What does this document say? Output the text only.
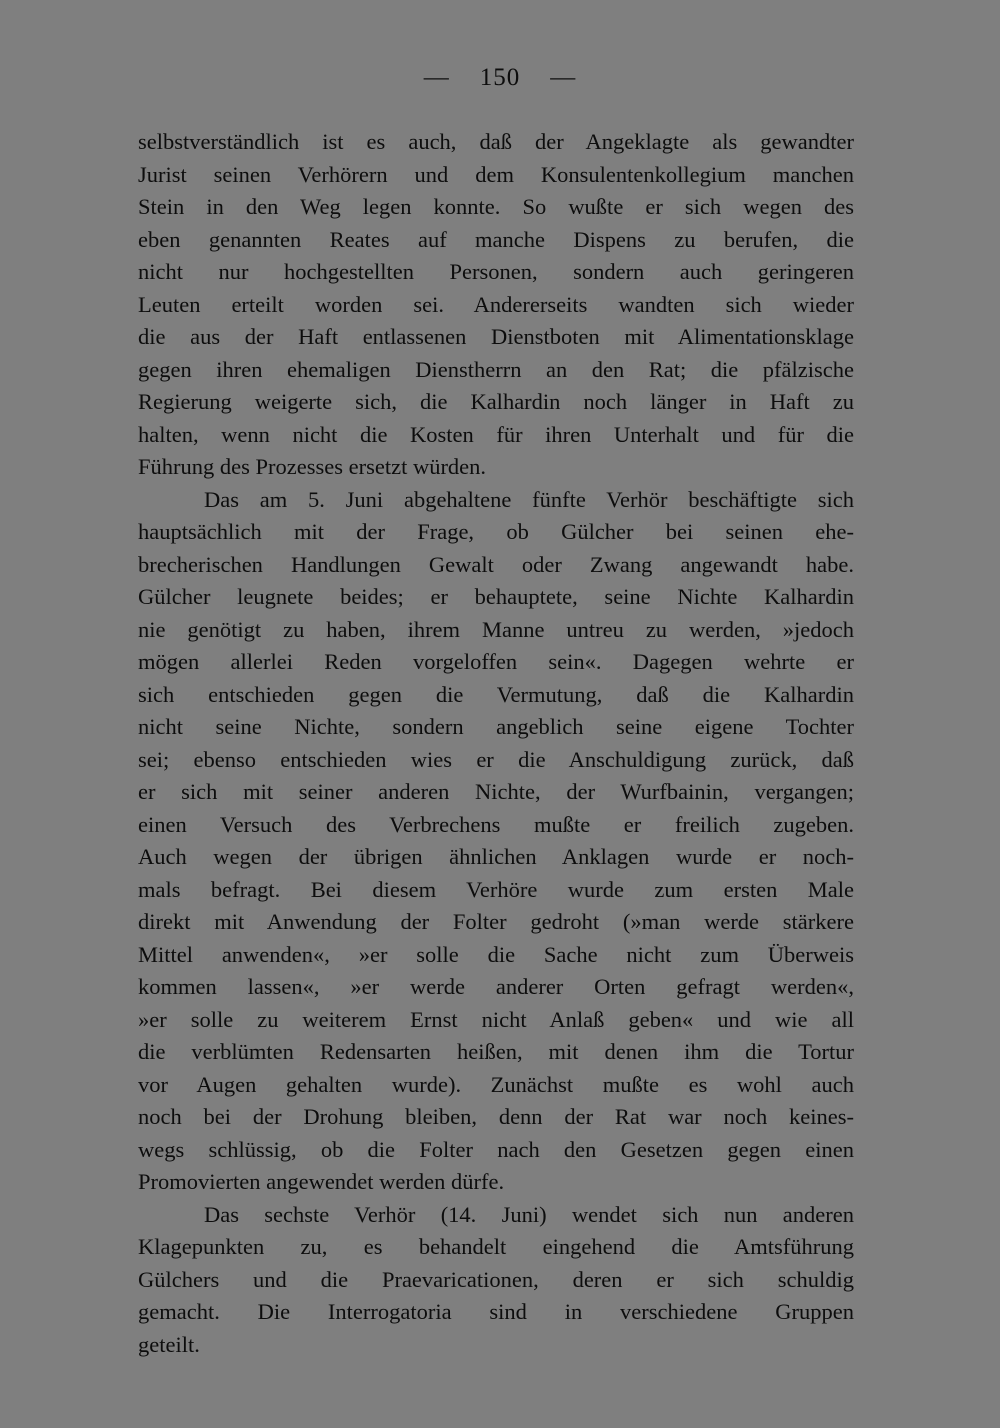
— 150 —
selbstverständlich ist es auch, daß der Angeklagte als gewandter
Jurist seinen Verhörern und dem Konsulentenkollegium manchen
Stein in den Weg legen konnte. So wußte er sich wegen des
eben genannten Reates auf manche Dispens zu berufen, die
nicht nur hochgestellten Personen, sondern auch geringeren
Leuten erteilt worden sei. Andererseits wandten sich wieder
die aus der Haft entlassenen Dienstboten mit Alimentationsklage
gegen ihren ehemaligen Dienstherrn an den Rat; die pfälzische
Regierung weigerte sich, die Kalhardin noch länger in Haft zu
halten, wenn nicht die Kosten für ihren Unterhalt und für die
Führung des Prozesses ersetzt würden.
Das am 5. Juni abgehaltene fünfte Verhör beschäftigte sich
hauptsächlich mit der Frage, ob Gülcher bei seinen ehe-
brecherischen Handlungen Gewalt oder Zwang angewandt habe.
Gülcher leugnete beides; er behauptete, seine Nichte Kalhardin
nie genötigt zu haben, ihrem Manne untreu zu werden, »jedoch
mögen allerlei Reden vorgeloffen sein«. Dagegen wehrte er
sich entschieden gegen die Vermutung, daß die Kalhardin
nicht seine Nichte, sondern angeblich seine eigene Tochter
sei; ebenso entschieden wies er die Anschuldigung zurück, daß
er sich mit seiner anderen Nichte, der Wurfbainin, vergangen;
einen Versuch des Verbrechens mußte er freilich zugeben.
Auch wegen der übrigen ähnlichen Anklagen wurde er noch-
mals befragt. Bei diesem Verhöre wurde zum ersten Male
direkt mit Anwendung der Folter gedroht (»man werde stärkere
Mittel anwenden«, »er solle die Sache nicht zum Überweis
kommen lassen«, »er werde anderer Orten gefragt werden«,
»er solle zu weiterem Ernst nicht Anlaß geben« und wie all
die verblümten Redensarten heißen, mit denen ihm die Tortur
vor Augen gehalten wurde). Zunächst mußte es wohl auch
noch bei der Drohung bleiben, denn der Rat war noch keines-
wegs schlüssig, ob die Folter nach den Gesetzen gegen einen
Promovierten angewendet werden dürfe.
Das sechste Verhör (14. Juni) wendet sich nun anderen
Klagepunkten zu, es behandelt eingehend die Amtsführung
Gülchers und die Praevaricationen, deren er sich schuldig
gemacht. Die Interrogatoria sind in verschiedene Gruppen
geteilt.
